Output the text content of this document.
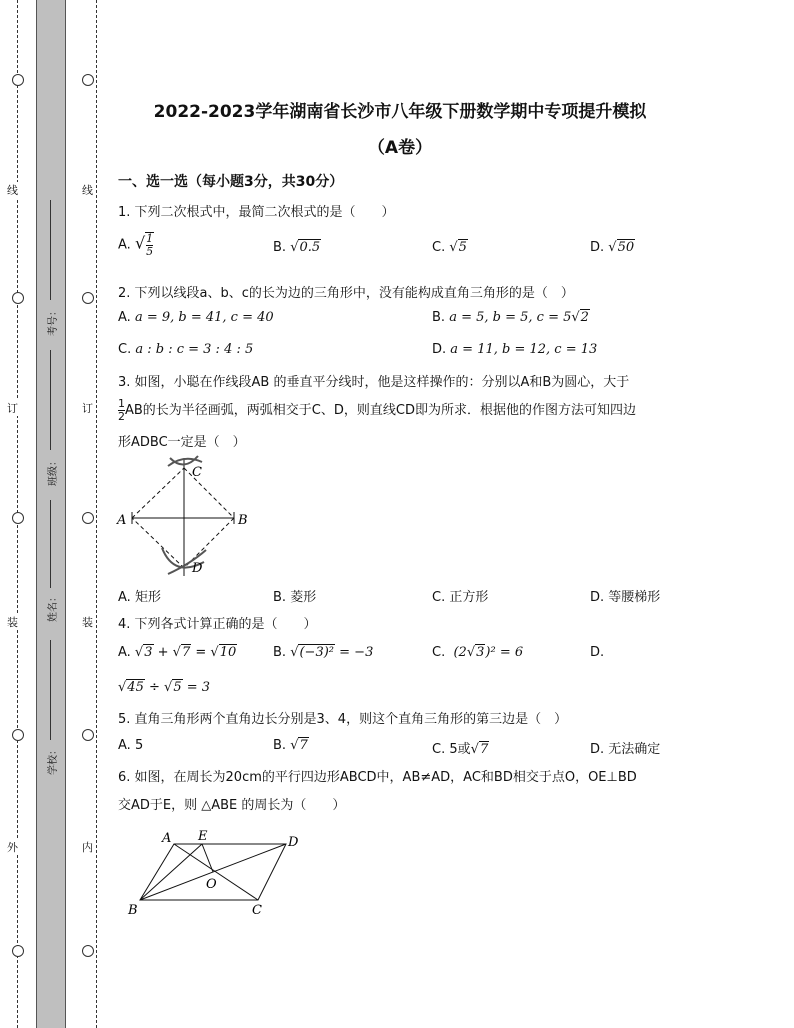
线
订
装
外
线
订
装
内
考号：
班级：
姓名：
学校：
2022-2023学年湖南省长沙市八年级下册数学期中专项提升模拟
（A卷）
一、选一选（每小题3分，共30分）
1. 下列二次根式中，最简二次根式的是（　　）
A. √ $\frac{1}{5}$	B. √0.5	C. √5	D. √50
2. 下列以线段a、b、c的长为边的三角形中，没有能构成直角三角形的是（　）
A. a = 9, b = 41, c = 40	B. a = 5, b = 5, c = 5√2
C. a : b : c = 3 : 4 : 5	D. a = 11, b = 12, c = 13
3. 如图，小聪在作线段AB 的垂直平分线时，他是这样操作的：分别以A和B为圆心，大于
$\frac{1}{2}$ AB的长为半径画弧，两弧相交于C、D，则直线CD即为所求．根据他的作图方法可知四边
形ADBC一定是（　）
A	B
C
D
A. 矩形	B. 菱形	C. 正方形	D. 等腰梯形
4. 下列各式计算正确的是（　　）
A. √3 + √7 = √10	B. √(−3)² = −3	C. (2√3)² = 6	D.
√45 ÷ √5 = 3
5. 直角三角形两个直角边长分别是3、4，则这个直角三角形的第三边是（　）
A. 5	B. √7	C. 5或√7	D. 无法确定
6. 如图，在周长为20cm的平行四边形ABCD中，AB≠AD，AC和BD相交于点O，OE⊥BD
交AD于E，则 △ABE 的周长为（　　）
A E	D
O
B	C
